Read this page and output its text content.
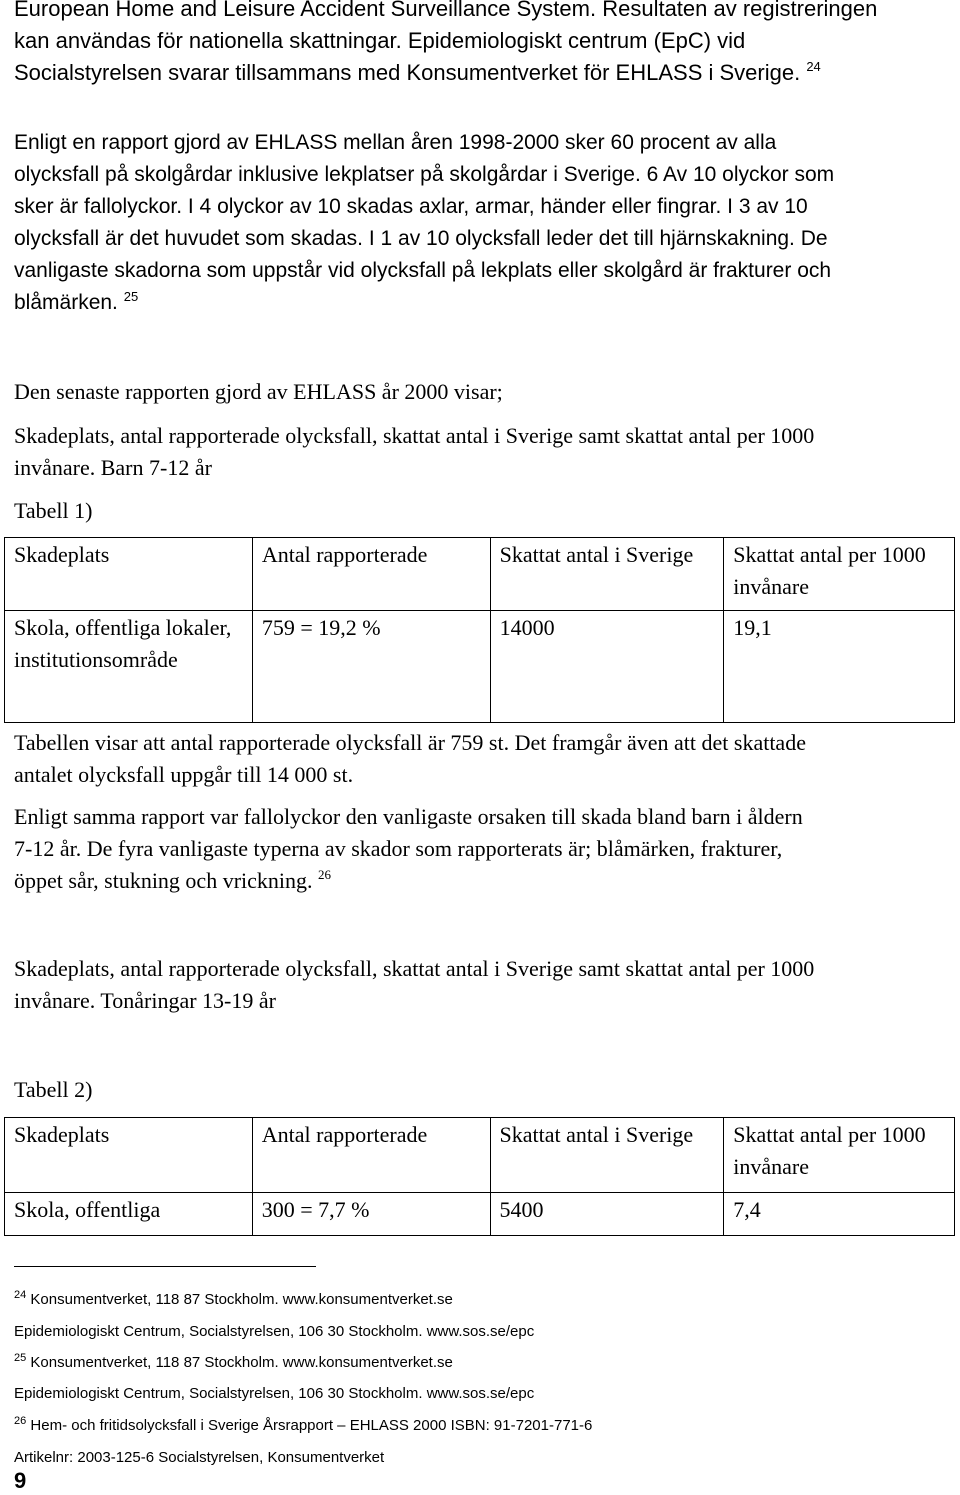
European Home and Leisure Accident Surveillance System. Resultaten av registreringen
kan användas för nationella skattningar. Epidemiologiskt centrum (EpC) vid
Socialstyrelsen svarar tillsammans med Konsumentverket för EHLASS i Sverige. $^{24}$
Enligt en rapport gjord av EHLASS mellan åren 1998-2000 sker 60 procent av alla
olycksfall på skolgårdar inklusive lekplatser på skolgårdar i Sverige. 6 Av 10 olyckor som
sker är fallolyckor. I 4 olyckor av 10 skadas axlar, armar, händer eller fingrar. I 3 av 10
olycksfall är det huvudet som skadas. I 1 av 10 olycksfall leder det till hjärnskakning. De
vanligaste skadorna som uppstår vid olycksfall på lekplats eller skolgård är frakturer och
blåmärken. $^{25}$
Den senaste rapporten gjord av EHLASS år 2000 visar;
Skadeplats, antal rapporterade olycksfall, skattat antal i Sverige samt skattat antal per 1000
invånare. Barn 7-12 år
Tabell 1)
Skadeplats	Antal rapporterade	Skattat antal i Sverige	Skattat antal per 1000 invånare
Skola, offentliga lokaler, institutionsområde	759 = 19,2 %	14000	19,1
Tabellen visar att antal rapporterade olycksfall är 759 st. Det framgår även att det skattade
antalet olycksfall uppgår till 14 000 st.
Enligt samma rapport var fallolyckor den vanligaste orsaken till skada bland barn i åldern
7-12 år. De fyra vanligaste typerna av skador som rapporterats är; blåmärken, frakturer,
öppet sår, stukning och vrickning. $^{26}$
Skadeplats, antal rapporterade olycksfall, skattat antal i Sverige samt skattat antal per 1000
invånare. Tonåringar 13-19 år
Tabell 2)
Skadeplats	Antal rapporterade	Skattat antal i Sverige	Skattat antal per 1000 invånare
Skola, offentliga	300 = 7,7 %	5400	7,4
$^{24}$ Konsumentverket, 118 87 Stockholm. www.konsumentverket.se
Epidemiologiskt Centrum, Socialstyrelsen, 106 30 Stockholm. www.sos.se/epc
$^{25}$ Konsumentverket, 118 87 Stockholm. www.konsumentverket.se
Epidemiologiskt Centrum, Socialstyrelsen, 106 30 Stockholm. www.sos.se/epc
$^{26}$ Hem- och fritidsolycksfall i Sverige Årsrapport – EHLASS 2000 ISBN: 91-7201-771-6
Artikelnr: 2003-125-6 Socialstyrelsen, Konsumentverket
9
